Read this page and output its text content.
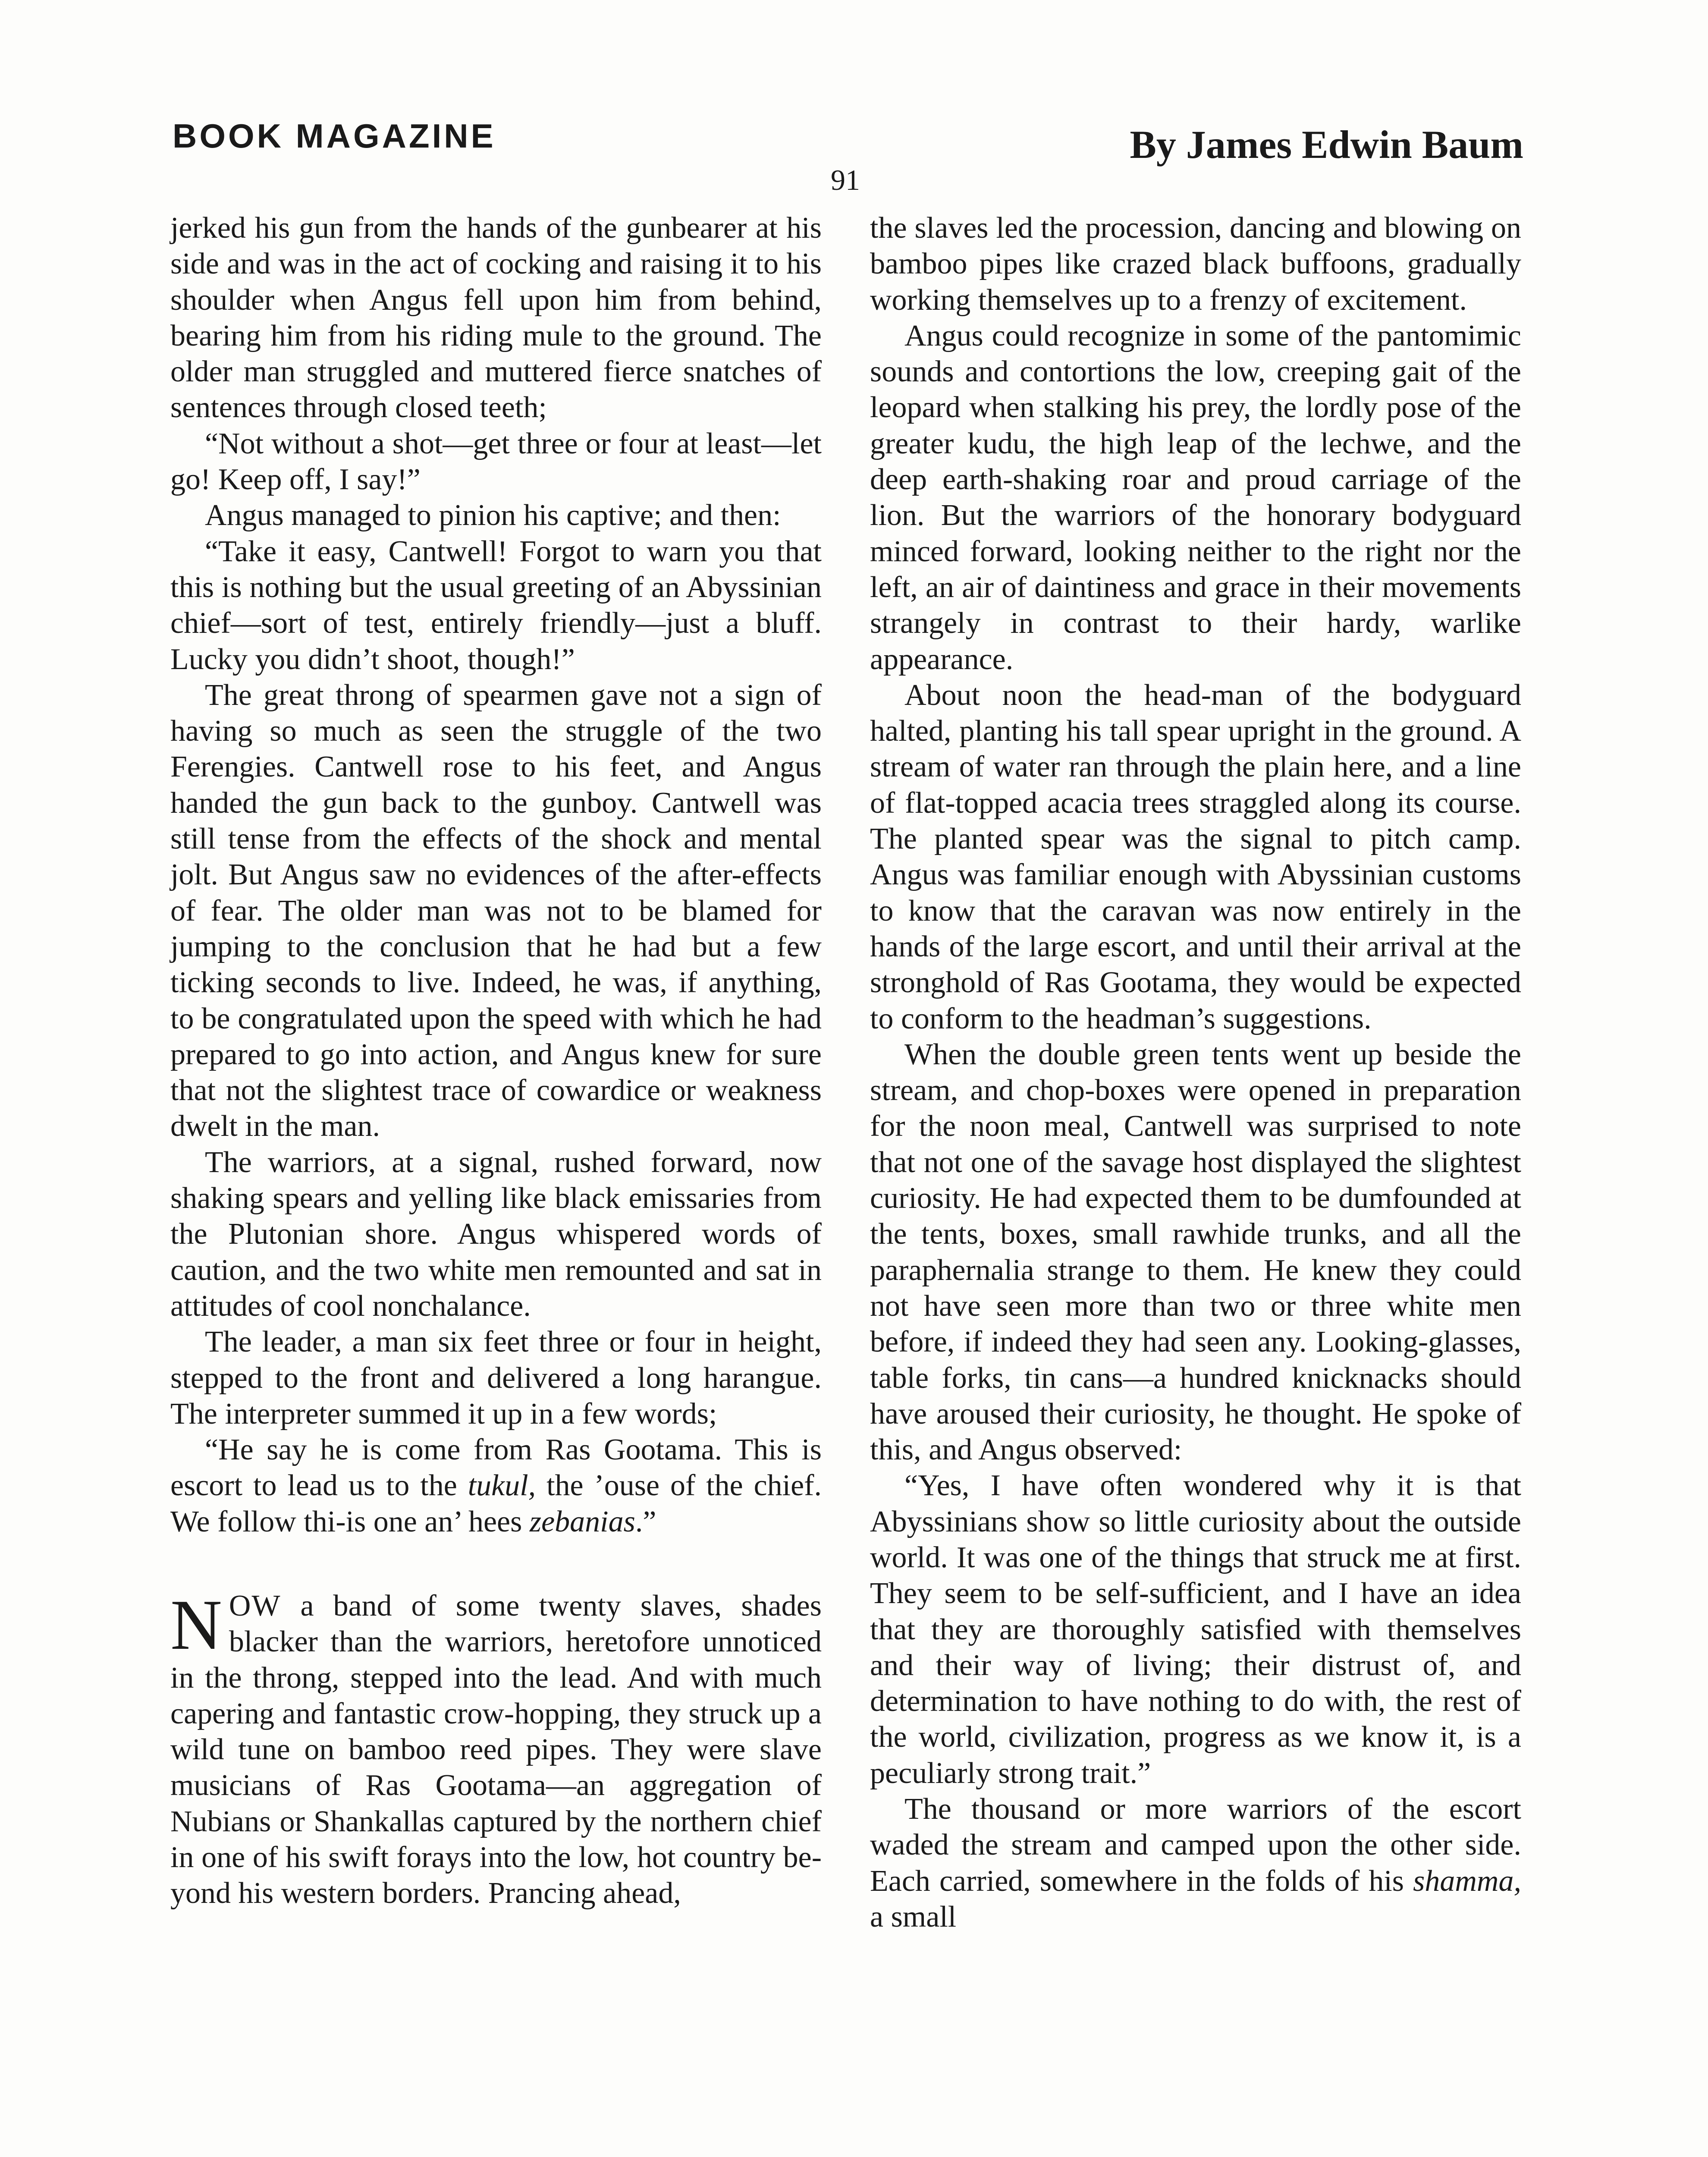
BOOK MAGAZINE	By James Edwin Baum
91

jerked his gun from the hands of the gunbearer at his side and was in the act of cocking and raising it to his shoulder when Angus fell upon him from behind, bearing him from his riding mule to the ground. The older man struggled and muttered fierce snatches of sentences through closed teeth;

“Not without a shot—get three or four at least—let go! Keep off, I say!”

Angus managed to pinion his captive; and then:

“Take it easy, Cantwell! Forgot to warn you that this is nothing but the usual greeting of an Abyssinian chief—sort of test, entirely friendly—just a bluff. Lucky you didn’t shoot, though!”

The great throng of spearmen gave not a sign of having so much as seen the struggle of the two Ferengies. Cantwell rose to his feet, and Angus handed the gun back to the gunboy. Cantwell was still tense from the effects of the shock and mental jolt. But Angus saw no evidences of the after-effects of fear. The older man was not to be blamed for jumping to the conclusion that he had but a few ticking seconds to live. Indeed, he was, if anything, to be congratulated upon the speed with which he had prepared to go into action, and Angus knew for sure that not the slightest trace of cowardice or weakness dwelt in the man.

The warriors, at a signal, rushed forward, now shaking spears and yelling like black emissaries from the Plutonian shore. Angus whispered words of caution, and the two white men remounted and sat in attitudes of cool nonchalance.

The leader, a man six feet three or four in height, stepped to the front and delivered a long harangue. The interpreter summed it up in a few words;

“He say he is come from Ras Gootama. This is escort to lead us to the tukul, the ’ouse of the chief. We follow thi-is one an’ hees zebanias.”

NOW a band of some twenty slaves, shades blacker than the warriors, heretofore unnoticed in the throng, stepped into the lead. And with much capering and fantastic crow-hopping, they struck up a wild tune on bamboo reed pipes. They were slave musicians of Ras Gootama—an aggregation of Nubians or Shankallas captured by the northern chief in one of his swift forays into the low, hot country beyond his western borders. Prancing ahead,

the slaves led the procession, dancing and blowing on bamboo pipes like crazed black buffoons, gradually working themselves up to a frenzy of excitement.

Angus could recognize in some of the pantomimic sounds and contortions the low, creeping gait of the leopard when stalking his prey, the lordly pose of the greater kudu, the high leap of the lechwe, and the deep earth-shaking roar and proud carriage of the lion. But the warriors of the honorary bodyguard minced forward, looking neither to the right nor the left, an air of daintiness and grace in their movements strangely in contrast to their hardy, warlike appearance.

About noon the head-man of the bodyguard halted, planting his tall spear upright in the ground. A stream of water ran through the plain here, and a line of flat-topped acacia trees straggled along its course. The planted spear was the signal to pitch camp. Angus was familiar enough with Abyssinian customs to know that the caravan was now entirely in the hands of the large escort, and until their arrival at the stronghold of Ras Gootama, they would be expected to conform to the headman’s suggestions.

When the double green tents went up beside the stream, and chop-boxes were opened in preparation for the noon meal, Cantwell was surprised to note that not one of the savage host displayed the slightest curiosity. He had expected them to be dumfounded at the tents, boxes, small rawhide trunks, and all the paraphernalia strange to them. He knew they could not have seen more than two or three white men before, if indeed they had seen any. Looking-glasses, table forks, tin cans—a hundred knicknacks should have aroused their curiosity, he thought. He spoke of this, and Angus observed:

“Yes, I have often wondered why it is that Abyssinians show so little curiosity about the outside world. It was one of the things that struck me at first. They seem to be self-sufficient, and I have an idea that they are thoroughly satisfied with themselves and their way of living; their distrust of, and determination to have nothing to do with, the rest of the world, civilization, progress as we know it, is a peculiarly strong trait.”

The thousand or more warriors of the escort waded the stream and camped upon the other side. Each carried, somewhere in the folds of his shamma, a small
